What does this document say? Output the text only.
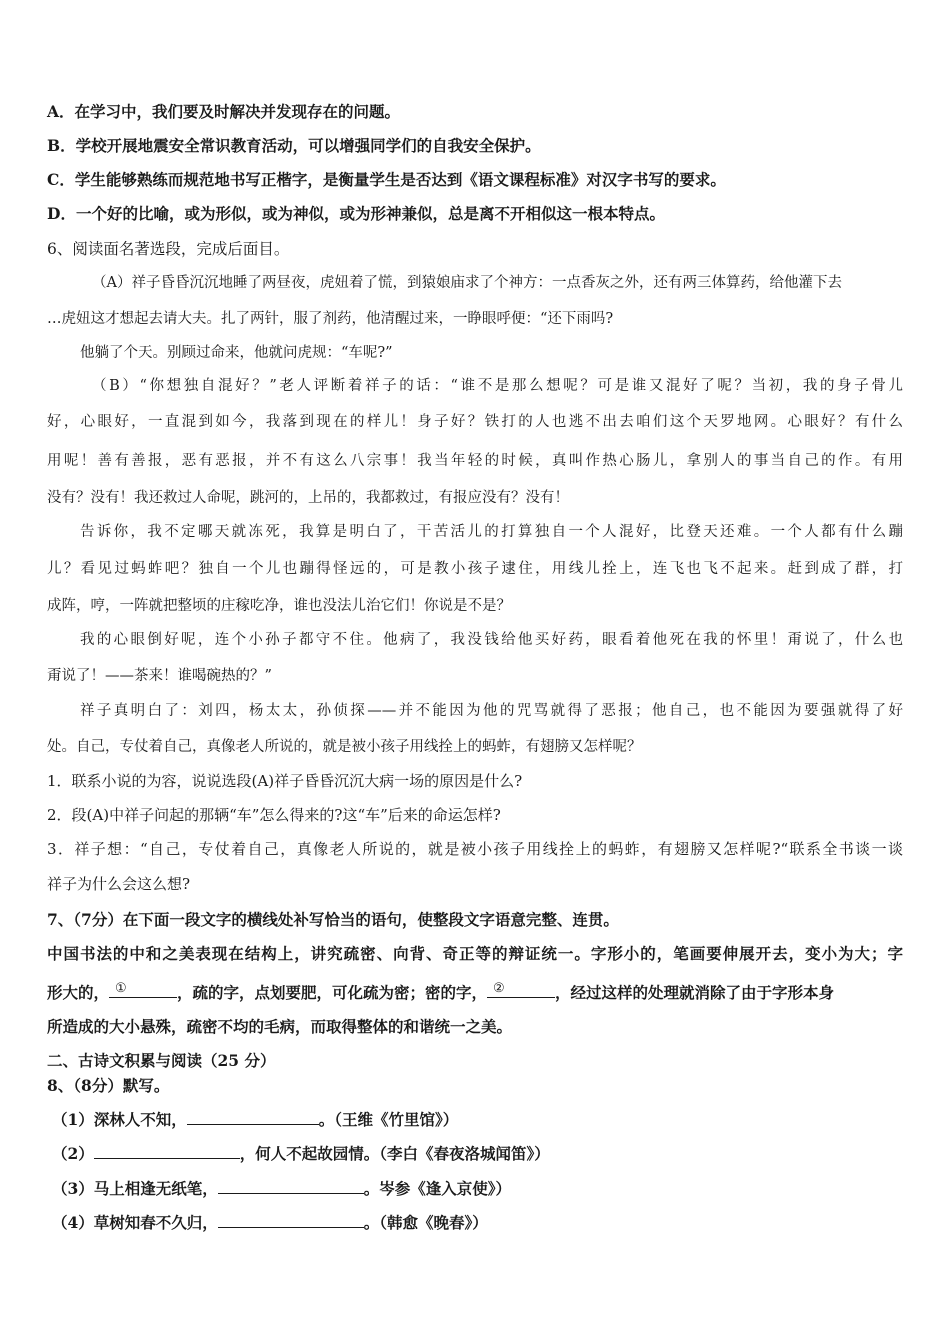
A．在学习中，我们要及时解决并发现存在的问题。
B．学校开展地震安全常识教育活动，可以增强同学们的自我安全保护。
C．学生能够熟练而规范地书写正楷字，是衡量学生是否达到《语文课程标准》对汉字书写的要求。
D．一个好的比喻，或为形似，或为神似，或为形神兼似，总是离不开相似这一根本特点。
6、阅读面名著选段，完成后面目。
（A）祥子昏昏沉沉地睡了两昼夜，虎妞着了慌，到猿娘庙求了个神方：一点香灰之外，还有两三体算药，给他灌下去
…虎妞这才想起去请大夫。扎了两针，服了剂药，他清醒过来，一睁眼呼便：“还下雨吗?
他躺了个天。别顾过命来，他就问虎规：“车呢?”
（B）“你想独自混好？”老人评断着祥子的话：“谁不是那么想呢？可是谁又混好了呢？当初，我的身子骨儿
好，心眼好，一直混到如今，我落到现在的样儿！身子好？铁打的人也逃不出去咱们这个天罗地网。心眼好？有什么
用呢！善有善报，恶有恶报，并不有这么八宗事！我当年轻的时候，真叫作热心肠儿，拿别人的事当自己的作。有用
没有？没有！我还救过人命呢，跳河的，上吊的，我都救过，有报应没有？没有！
告诉你，我不定哪天就冻死，我算是明白了，干苦活儿的打算独自一个人混好，比登天还难。一个人都有什么蹦
儿？看见过蚂蚱吧？独自一个儿也蹦得怪远的，可是教小孩子逮住，用线儿拴上，连飞也飞不起来。赶到成了群，打
成阵，哼，一阵就把整顷的庄稼吃净，谁也没法儿治它们！你说是不是？
我的心眼倒好呢，连个小孙子都守不住。他病了，我没钱给他买好药，眼看着他死在我的怀里！甭说了，什么也
甭说了！——茶来！谁喝碗热的？”
祥子真明白了：刘四，杨太太，孙侦探——并不能因为他的咒骂就得了恶报；他自己，也不能因为要强就得了好
处。自己，专仗着自己，真像老人所说的，就是被小孩子用线拴上的蚂蚱，有翅膀又怎样呢？
1．联系小说的为容，说说选段(A)祥子昏昏沉沉大病一场的原因是什么?
2．段(A)中祥子问起的那辆“车”怎么得来的?这“车”后来的命运怎样?
3．祥子想：“自己，专仗着自己，真像老人所说的，就是被小孩子用线拴上的蚂蚱，有翅膀又怎样呢?“联系全书谈一谈
祥子为什么会这么想?
7、（7分）在下面一段文字的横线处补写恰当的语句，使整段文字语意完整、连贯。
中国书法的中和之美表现在结构上，讲究疏密、向背、奇正等的辩证统一。字形小的，笔画要伸展开去，变小为大；字
形大的， ①	，疏的字，点划要肥，可化疏为密；密的字， ②	，经过这样的处理就消除了由于字形本身
所造成的大小悬殊，疏密不均的毛病，而取得整体的和谐统一之美。
二、古诗文积累与阅读（25 分）
8、（8分）默写。
（1）深林人不知，	。（王维《竹里馆》）
（2）	，何人不起故园情。（李白《春夜洛城闻笛》）
（3）马上相逢无纸笔，	。岑参《逢入京使》）
（4）草树知春不久归，	。（韩愈《晚春》）
